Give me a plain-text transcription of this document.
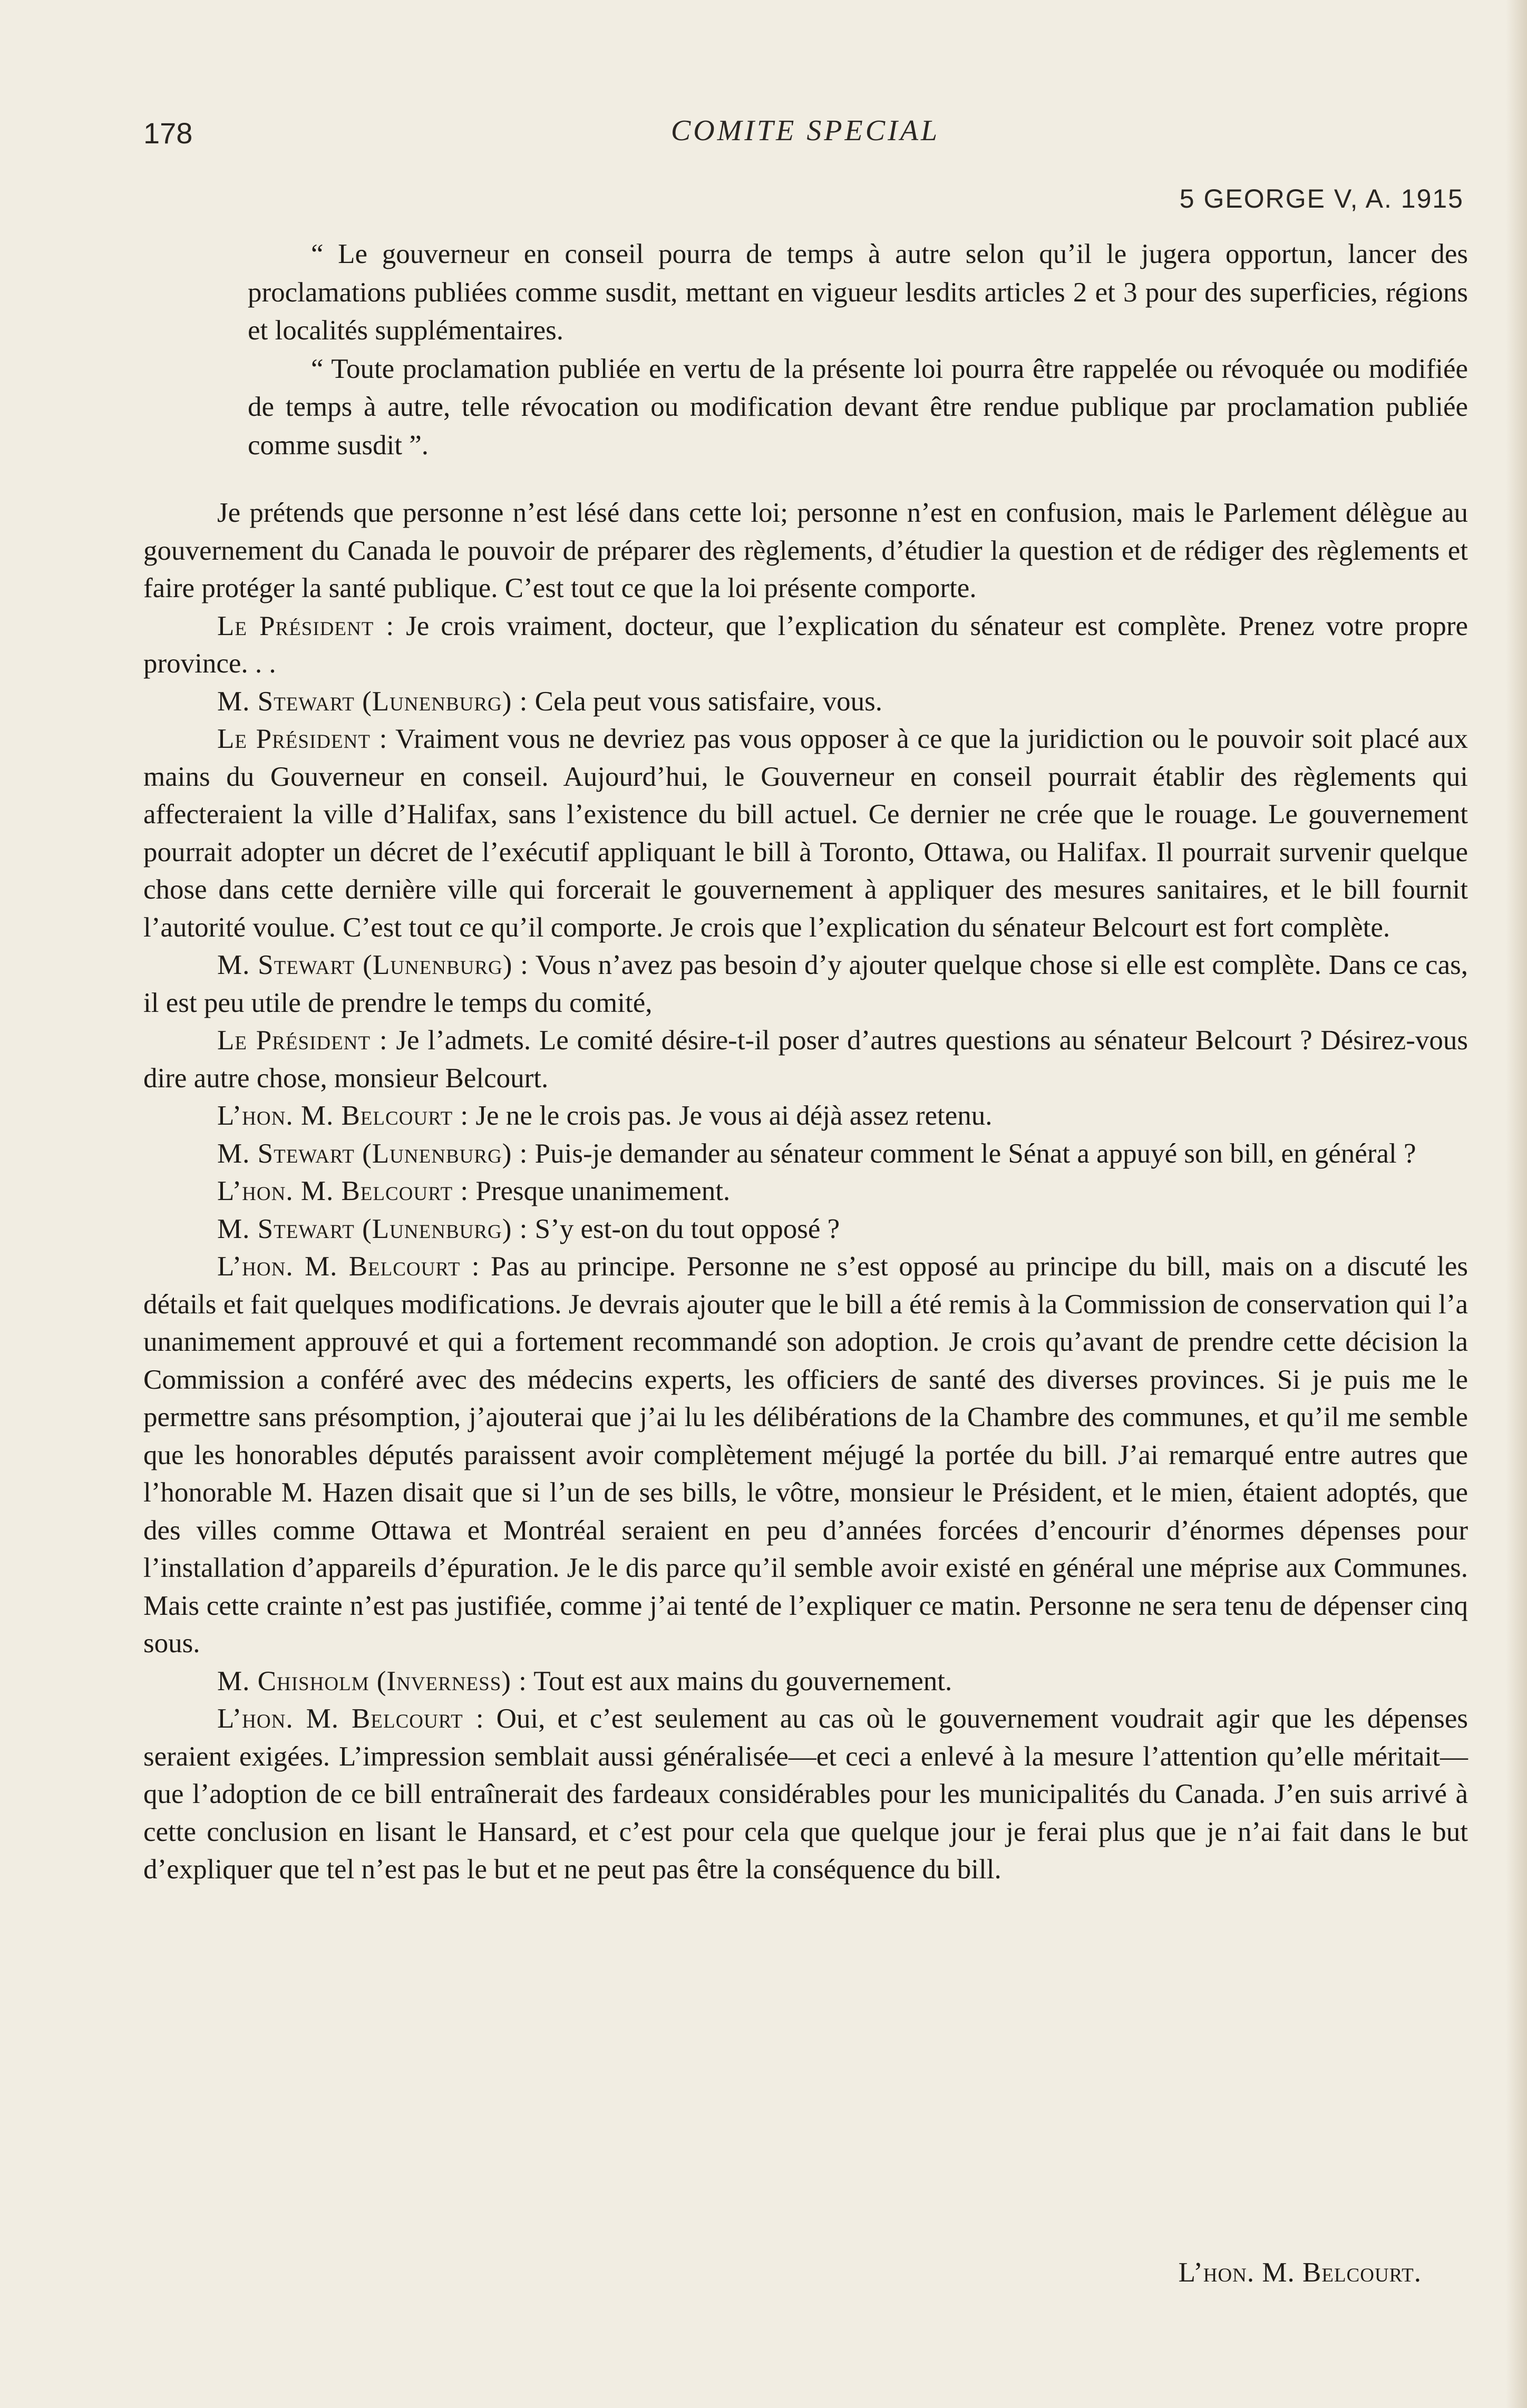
178	COMITE SPECIAL
5 GEORGE V, A. 1915

“ Le gouverneur en conseil pourra de temps à autre selon qu’il le jugera opportun, lancer des proclamations publiées comme susdit, mettant en vigueur lesdits articles 2 et 3 pour des superficies, régions et localités supplémentaires.

“ Toute proclamation publiée en vertu de la présente loi pourra être rappelée ou révoquée ou modifiée de temps à autre, telle révocation ou modification devant être rendue publique par proclamation publiée comme susdit ”.

Je prétends que personne n’est lésé dans cette loi; personne n’est en confusion, mais le Parlement délègue au gouvernement du Canada le pouvoir de préparer des règlements, d’étudier la question et de rédiger des règlements et faire protéger la santé publique. C’est tout ce que la loi présente comporte.

Le Président : Je crois vraiment, docteur, que l’explication du sénateur est complète. Prenez votre propre province. . .

M. Stewart (Lunenburg) : Cela peut vous satisfaire, vous.

Le Président : Vraiment vous ne devriez pas vous opposer à ce que la juridiction ou le pouvoir soit placé aux mains du Gouverneur en conseil. Aujourd’hui, le Gouverneur en conseil pourrait établir des règlements qui affecteraient la ville d’Halifax, sans l’existence du bill actuel. Ce dernier ne crée que le rouage. Le gouvernement pourrait adopter un décret de l’exécutif appliquant le bill à Toronto, Ottawa, ou Halifax. Il pourrait survenir quelque chose dans cette dernière ville qui forcerait le gouvernement à appliquer des mesures sanitaires, et le bill fournit l’autorité voulue. C’est tout ce qu’il comporte. Je crois que l’explication du sénateur Belcourt est fort complète.

M. Stewart (Lunenburg) : Vous n’avez pas besoin d’y ajouter quelque chose si elle est complète. Dans ce cas, il est peu utile de prendre le temps du comité,

Le Président : Je l’admets. Le comité désire-t-il poser d’autres questions au sénateur Belcourt ? Désirez-vous dire autre chose, monsieur Belcourt.

L’hon. M. Belcourt : Je ne le crois pas. Je vous ai déjà assez retenu.

M. Stewart (Lunenburg) : Puis-je demander au sénateur comment le Sénat a appuyé son bill, en général ?

L’hon. M. Belcourt : Presque unanimement.

M. Stewart (Lunenburg) : S’y est-on du tout opposé ?

L’hon. M. Belcourt : Pas au principe. Personne ne s’est opposé au principe du bill, mais on a discuté les détails et fait quelques modifications. Je devrais ajouter que le bill a été remis à la Commission de conservation qui l’a unanimement approuvé et qui a fortement recommandé son adoption. Je crois qu’avant de prendre cette décision la Commission a conféré avec des médecins experts, les officiers de santé des diverses provinces. Si je puis me le permettre sans présomption, j’ajouterai que j’ai lu les délibérations de la Chambre des communes, et qu’il me semble que les honorables députés paraissent avoir complètement méjugé la portée du bill. J’ai remarqué entre autres que l’honorable M. Hazen disait que si l’un de ses bills, le vôtre, monsieur le Président, et le mien, étaient adoptés, que des villes comme Ottawa et Montréal seraient en peu d’années forcées d’encourir d’énormes dépenses pour l’installation d’appareils d’épuration. Je le dis parce qu’il semble avoir existé en général une méprise aux Communes. Mais cette crainte n’est pas justifiée, comme j’ai tenté de l’expliquer ce matin. Personne ne sera tenu de dépenser cinq sous.

M. Chisholm (Inverness) : Tout est aux mains du gouvernement.

L’hon. M. Belcourt : Oui, et c’est seulement au cas où le gouvernement voudrait agir que les dépenses seraient exigées. L’impression semblait aussi généralisée—et ceci a enlevé à la mesure l’attention qu’elle méritait—que l’adoption de ce bill entraînerait des fardeaux considérables pour les municipalités du Canada. J’en suis arrivé à cette conclusion en lisant le Hansard, et c’est pour cela que quelque jour je ferai plus que je n’ai fait dans le but d’expliquer que tel n’est pas le but et ne peut pas être la conséquence du bill.

L’hon. M. Belcourt.
